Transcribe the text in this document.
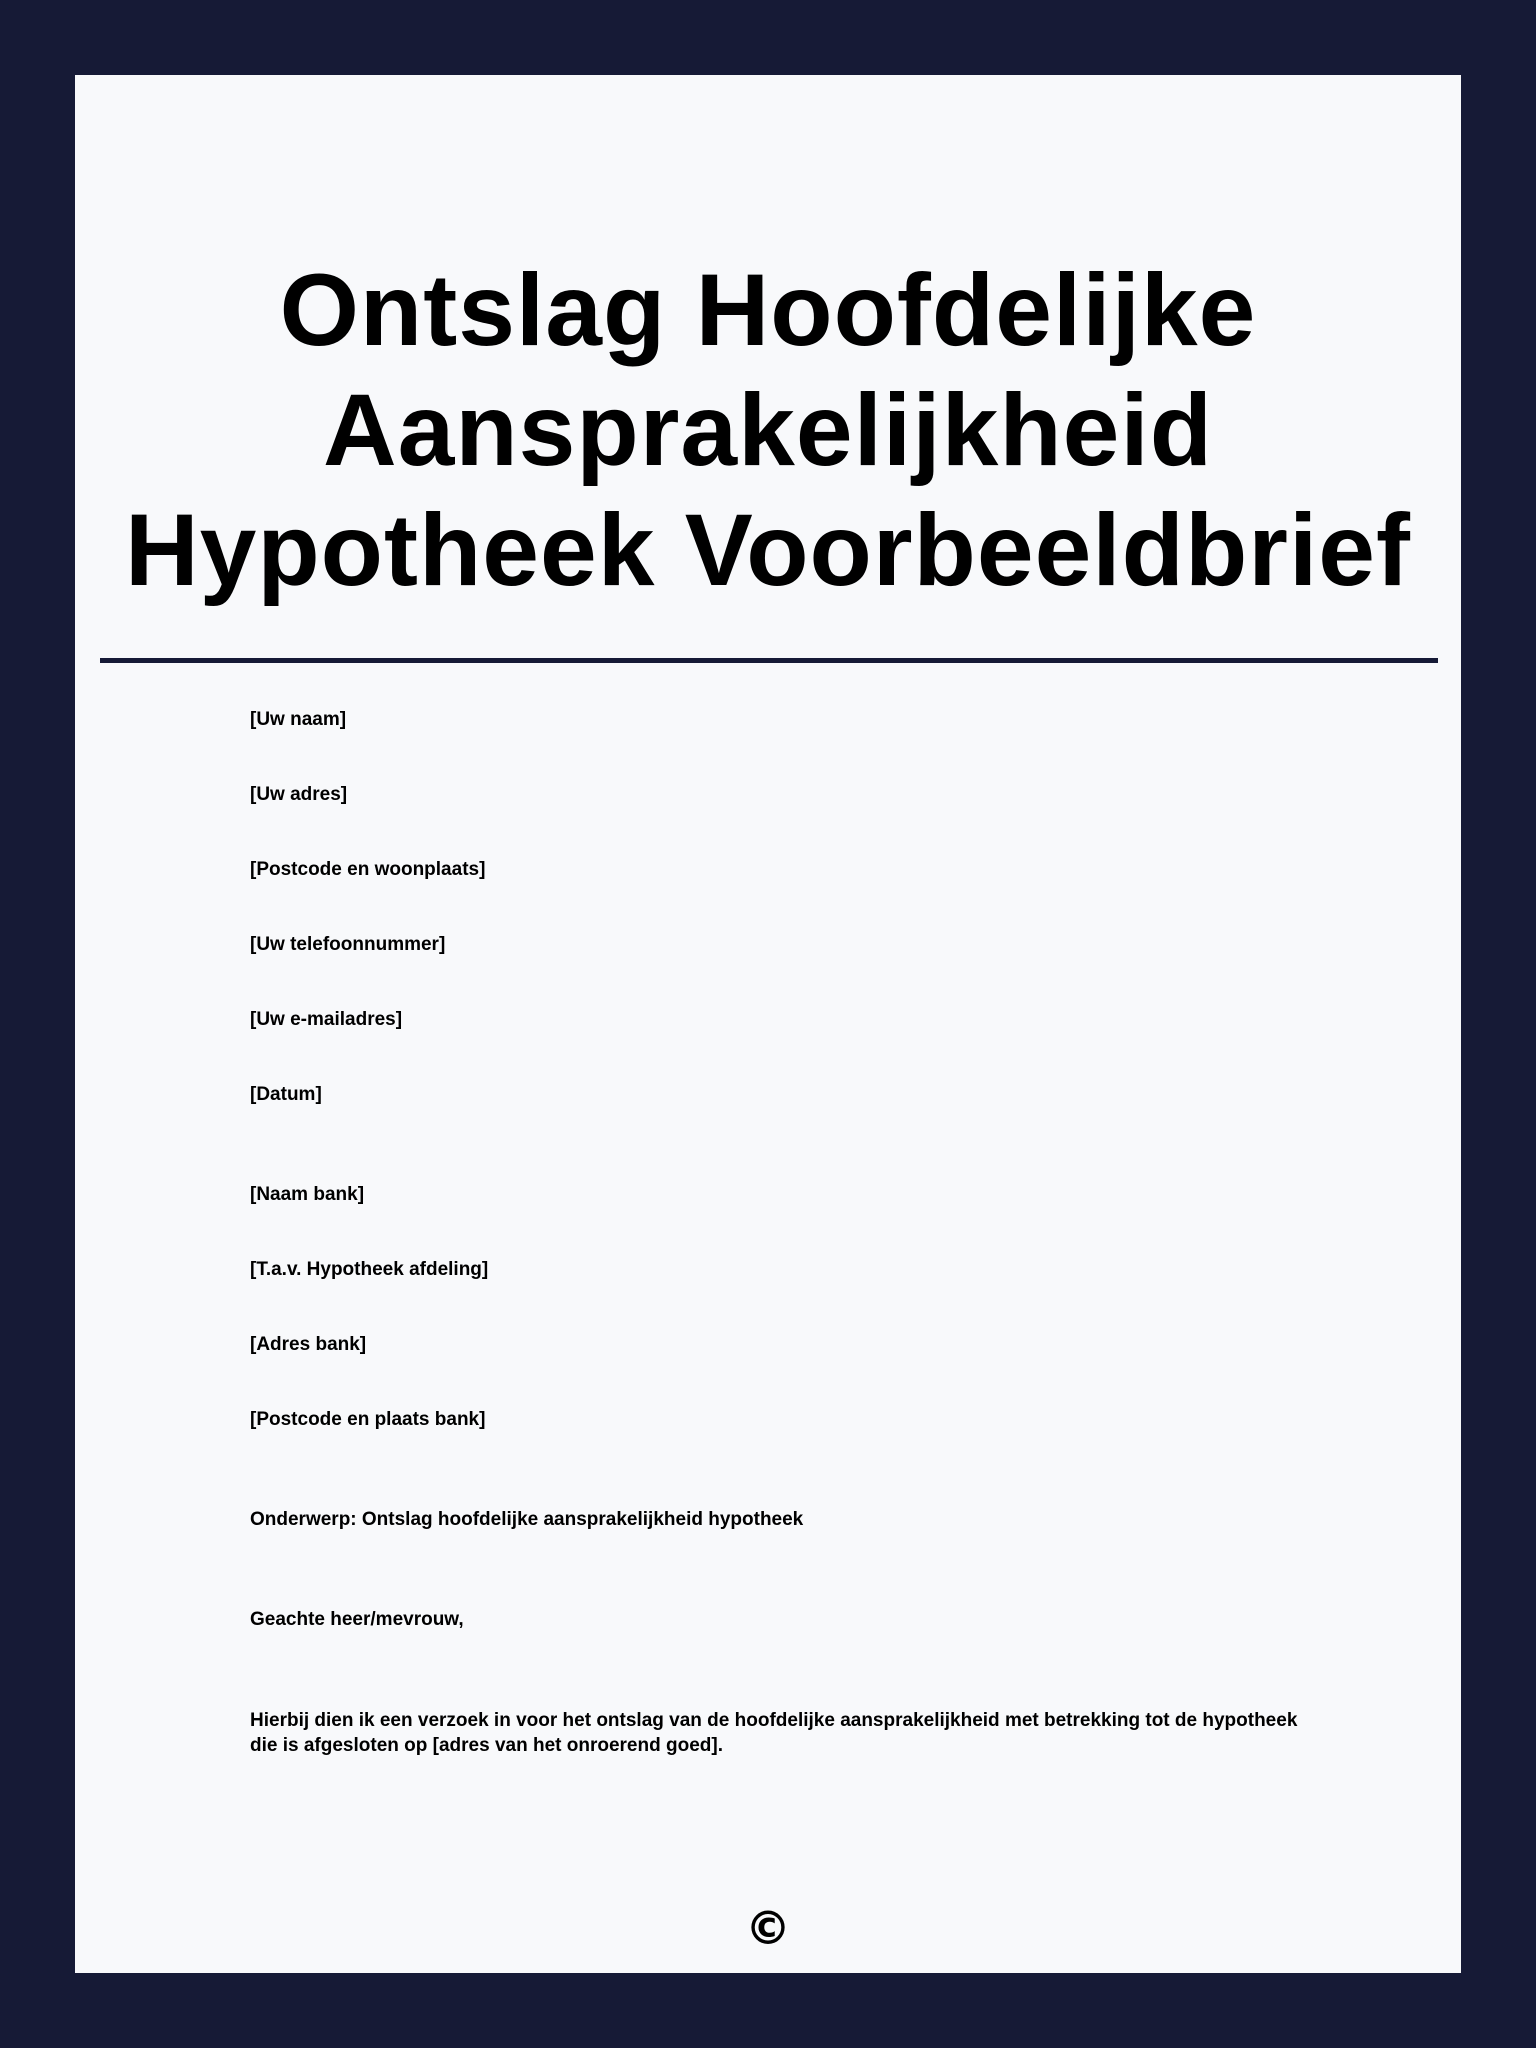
Ontslag Hoofdelijke Aansprakelijkheid Hypotheek Voorbeeldbrief

[Uw naam]

[Uw adres]

[Postcode en woonplaats]

[Uw telefoonnummer]

[Uw e-mailadres]

[Datum]

[Naam bank]

[T.a.v. Hypotheek afdeling]

[Adres bank]

[Postcode en plaats bank]

Onderwerp: Ontslag hoofdelijke aansprakelijkheid hypotheek

Geachte heer/mevrouw,

Hierbij dien ik een verzoek in voor het ontslag van de hoofdelijke aansprakelijkheid met betrekking tot de hypotheek die is afgesloten op [adres van het onroerend goed].

©
